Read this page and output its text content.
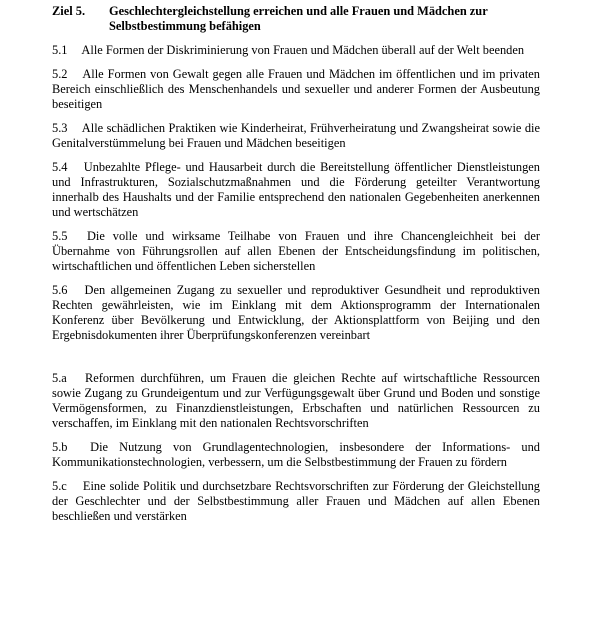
Ziel 5.	Geschlechtergleichstellung erreichen und alle Frauen und Mädchen zur Selbstbestimmung befähigen

5.1 Alle Formen der Diskriminierung von Frauen und Mädchen überall auf der Welt beenden

5.2 Alle Formen von Gewalt gegen alle Frauen und Mädchen im öffentlichen und im privaten Bereich einschließlich des Menschenhandels und sexueller und anderer Formen der Ausbeutung beseitigen

5.3 Alle schädlichen Praktiken wie Kinderheirat, Frühverheiratung und Zwangsheirat sowie die Genitalverstümmelung bei Frauen und Mädchen beseitigen

5.4 Unbezahlte Pflege- und Hausarbeit durch die Bereitstellung öffentlicher Dienstleistungen und Infrastrukturen, Sozialschutzmaßnahmen und die Förderung geteilter Verantwortung innerhalb des Haushalts und der Familie entsprechend den nationalen Gegebenheiten anerkennen und wertschätzen

5.5 Die volle und wirksame Teilhabe von Frauen und ihre Chancengleichheit bei der Übernahme von Führungsrollen auf allen Ebenen der Entscheidungsfindung im politischen, wirtschaftlichen und öffentlichen Leben sicherstellen

5.6 Den allgemeinen Zugang zu sexueller und reproduktiver Gesundheit und reproduktiven Rechten gewährleisten, wie im Einklang mit dem Aktionsprogramm der Internationalen Konferenz über Bevölkerung und Entwicklung, der Aktionsplattform von Beijing und den Ergebnisdokumenten ihrer Überprüfungskonferenzen vereinbart

5.a Reformen durchführen, um Frauen die gleichen Rechte auf wirtschaftliche Ressourcen sowie Zugang zu Grundeigentum und zur Verfügungsgewalt über Grund und Boden und sonstige Vermögensformen, zu Finanzdienstleistungen, Erbschaften und natürlichen Ressourcen zu verschaffen, im Einklang mit den nationalen Rechtsvorschriften

5.b Die Nutzung von Grundlagentechnologien, insbesondere der Informations- und Kommunikationstechnologien, verbessern, um die Selbstbestimmung der Frauen zu fördern

5.c Eine solide Politik und durchsetzbare Rechtsvorschriften zur Förderung der Gleichstellung der Geschlechter und der Selbstbestimmung aller Frauen und Mädchen auf allen Ebenen beschließen und verstärken
